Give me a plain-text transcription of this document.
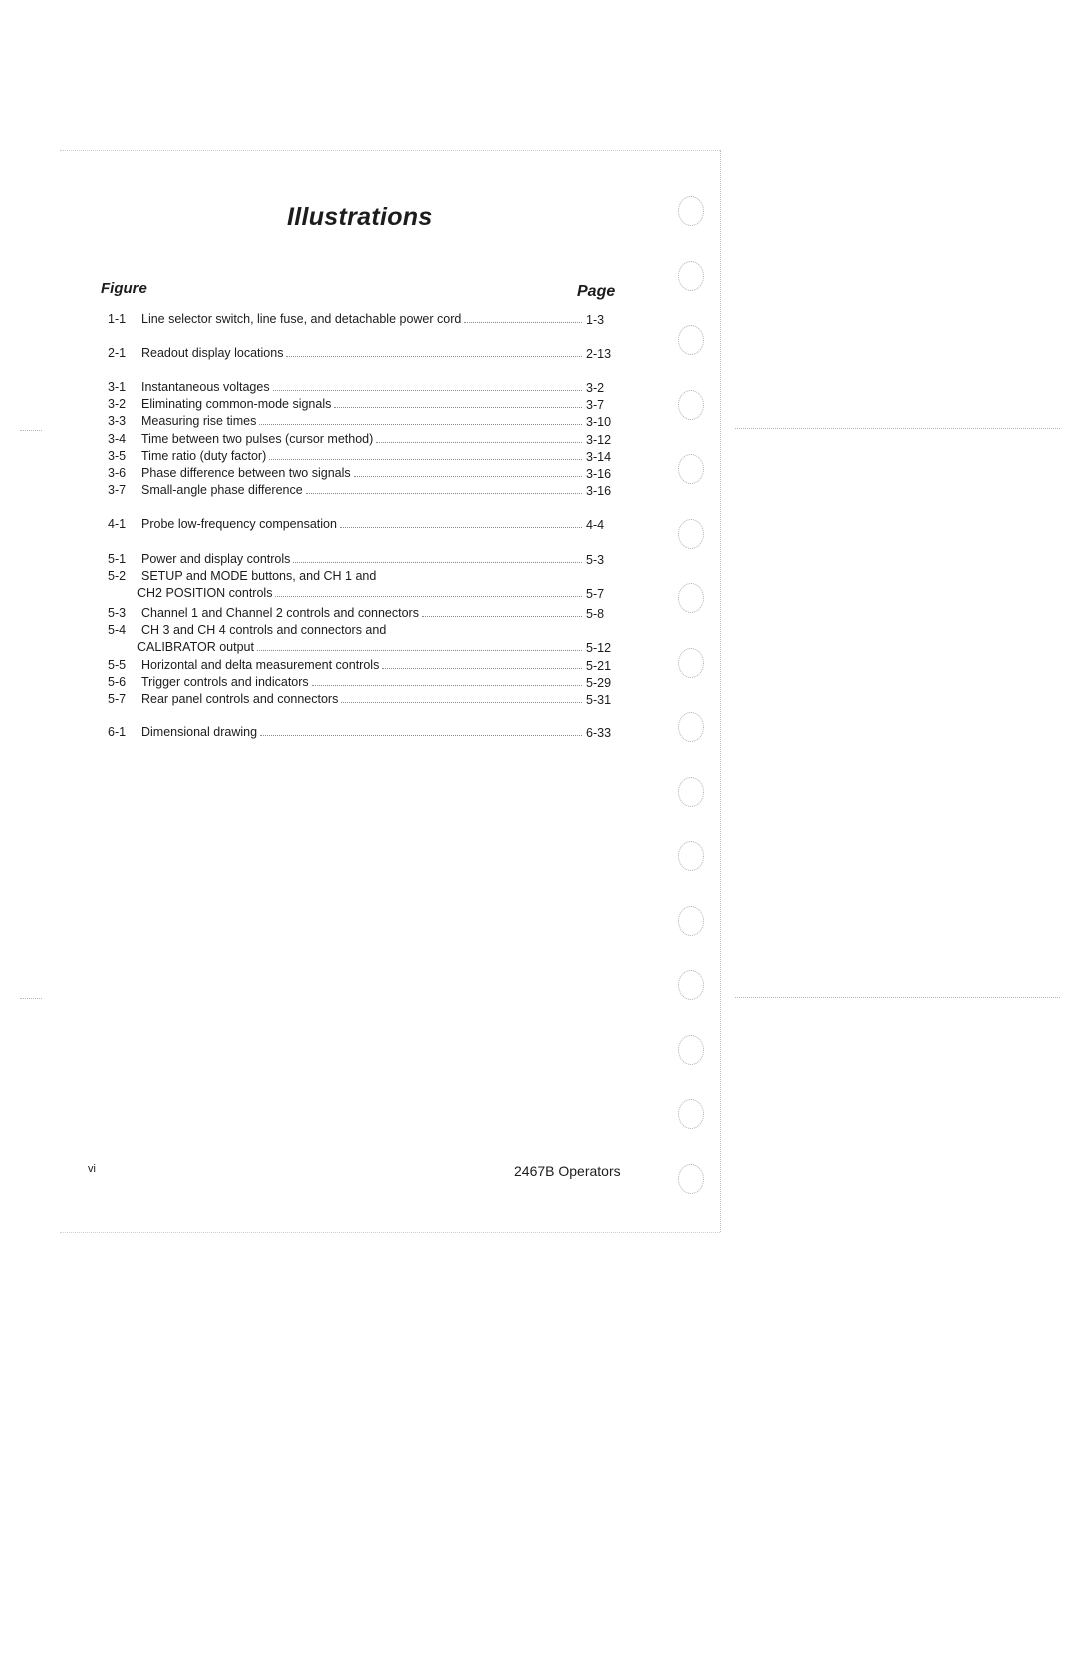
Illustrations
Figure	Page
1-1 Line selector switch, line fuse, and detachable power cord	1-3
2-1 Readout display locations	2-13
3-1 Instantaneous voltages	3-2
3-2 Eliminating common-mode signals	3-7
3-3 Measuring rise times	3-10
3-4 Time between two pulses (cursor method)	3-12
3-5 Time ratio (duty factor)	3-14
3-6 Phase difference between two signals	3-16
3-7 Small-angle phase difference	3-16
4-1 Probe low-frequency compensation	4-4
5-1 Power and display controls	5-3
5-2 SETUP and MODE buttons, and CH 1 and
CH2 POSITION controls	5-7
5-3 Channel 1 and Channel 2 controls and connectors	5-8
5-4 CH 3 and CH 4 controls and connectors and
CALIBRATOR output	5-12
5-5 Horizontal and delta measurement controls	5-21
5-6 Trigger controls and indicators	5-29
5-7 Rear panel controls and connectors	5-31
6-1 Dimensional drawing	6-33
vi	2467B Operators
